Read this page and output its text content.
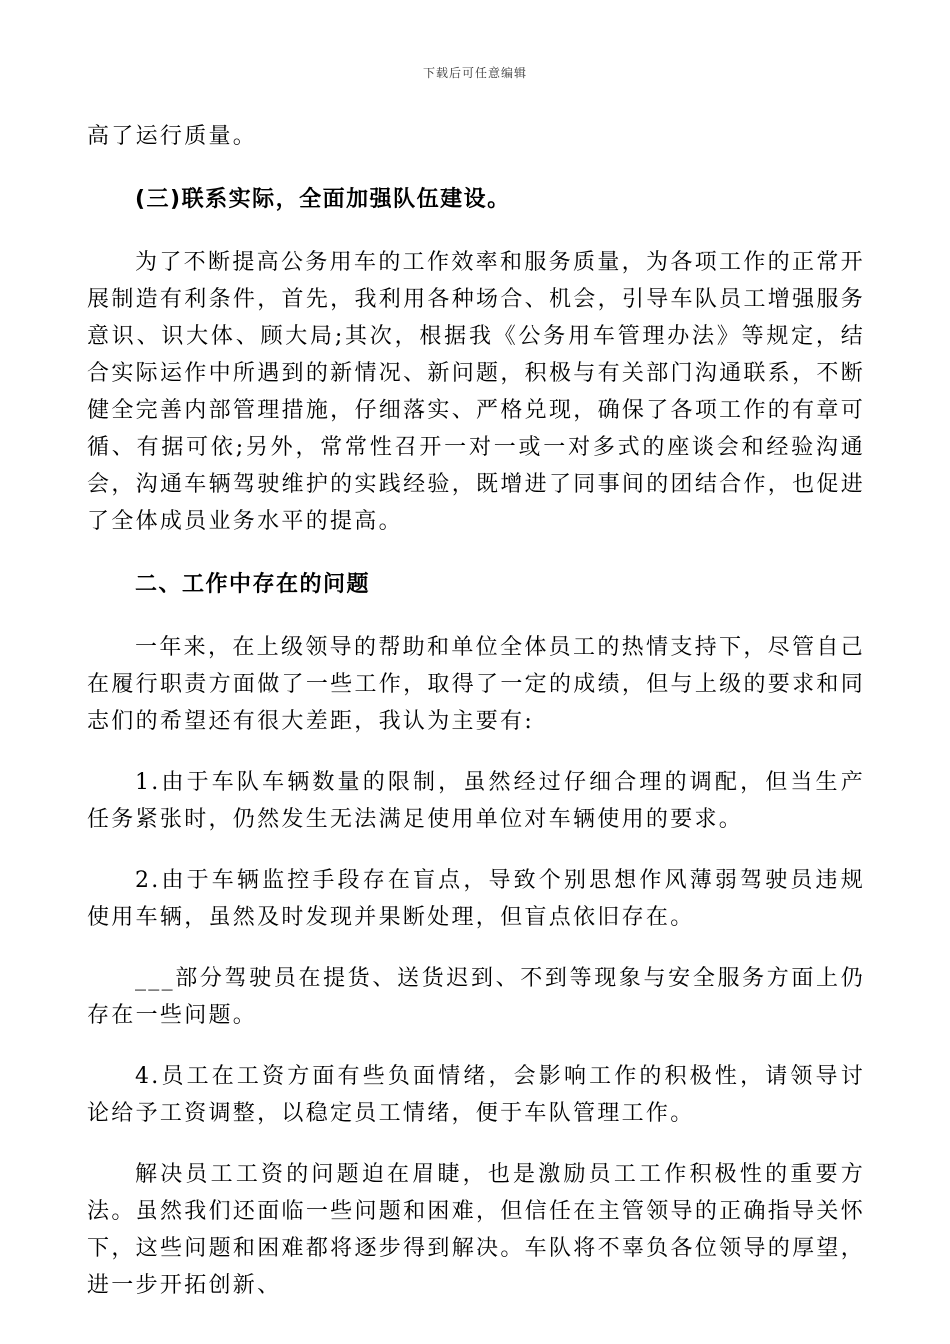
下载后可任意编辑

高了运行质量。

(三)联系实际，全面加强队伍建设。

为了不断提高公务用车的工作效率和服务质量，为各项工作的正常开展制造有利条件，首先，我利用各种场合、机会，引导车队员工增强服务意识、识大体、顾大局;其次，根据我《公务用车管理办法》等规定，结合实际运作中所遇到的新情况、新问题，积极与有关部门沟通联系，不断健全完善内部管理措施，仔细落实、严格兑现，确保了各项工作的有章可循、有据可依;另外，常常性召开一对一或一对多式的座谈会和经验沟通会，沟通车辆驾驶维护的实践经验，既增进了同事间的团结合作，也促进了全体成员业务水平的提高。

二、工作中存在的问题

一年来，在上级领导的帮助和单位全体员工的热情支持下，尽管自己在履行职责方面做了一些工作，取得了一定的成绩，但与上级的要求和同志们的希望还有很大差距，我认为主要有:

1.由于车队车辆数量的限制，虽然经过仔细合理的调配，但当生产任务紧张时，仍然发生无法满足使用单位对车辆使用的要求。

2.由于车辆监控手段存在盲点，导致个别思想作风薄弱驾驶员违规使用车辆，虽然及时发现并果断处理，但盲点依旧存在。

___部分驾驶员在提货、送货迟到、不到等现象与安全服务方面上仍存在一些问题。

4.员工在工资方面有些负面情绪，会影响工作的积极性，请领导讨论给予工资调整，以稳定员工情绪，便于车队管理工作。

解决员工工资的问题迫在眉睫，也是激励员工工作积极性的重要方法。虽然我们还面临一些问题和困难，但信任在主管领导的正确指导关怀下，这些问题和困难都将逐步得到解决。车队将不辜负各位领导的厚望，进一步开拓创新、
